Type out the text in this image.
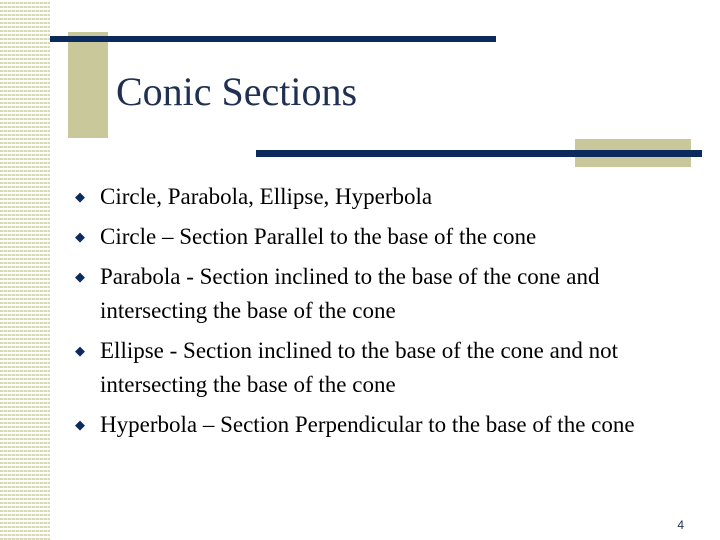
Conic Sections
◆ Circle, Parabola, Ellipse, Hyperbola
◆ Circle – Section Parallel to the base of the cone
◆ Parabola - Section inclined to the base of the cone and intersecting the base of the cone
◆ Ellipse - Section inclined to the base of the cone and not intersecting the base of the cone
◆ Hyperbola – Section Perpendicular to the base of the cone
4
